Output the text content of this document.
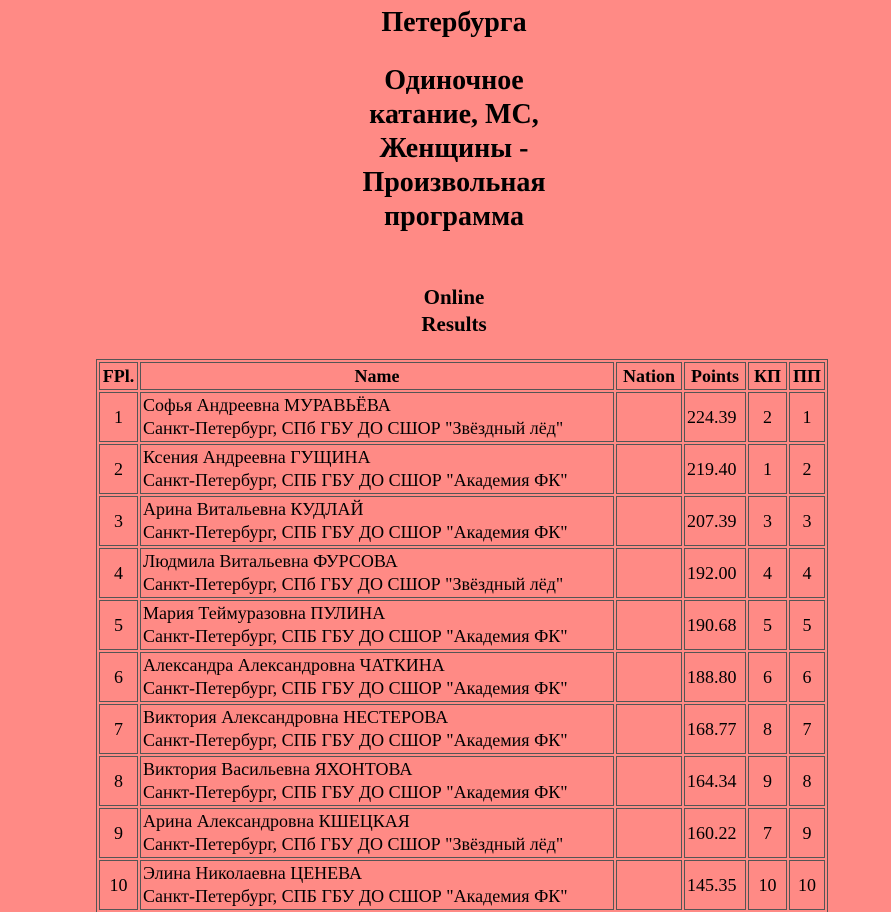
Петербурга
Одиночное
катание, МС,
Женщины -
Произвольная
программа
Online
Results
FPl.	Name	Nation	Points	КП	ПП
1	Софья Андреевна МУРАВЬЁВА
Санкт-Петербург, СПб ГБУ ДО СШОР "Звёздный лёд"		224.39	2	1
2	Ксения Андреевна ГУЩИНА
Санкт-Петербург, СПБ ГБУ ДО СШОР "Академия ФК"		219.40	1	2
3	Арина Витальевна КУДЛАЙ
Санкт-Петербург, СПБ ГБУ ДО СШОР "Академия ФК"		207.39	3	3
4	Людмила Витальевна ФУРСОВА
Санкт-Петербург, СПб ГБУ ДО СШОР "Звёздный лёд"		192.00	4	4
5	Мария Теймуразовна ПУЛИНА
Санкт-Петербург, СПБ ГБУ ДО СШОР "Академия ФК"		190.68	5	5
6	Александра Александровна ЧАТКИНА
Санкт-Петербург, СПБ ГБУ ДО СШОР "Академия ФК"		188.80	6	6
7	Виктория Александровна НЕСТЕРОВА
Санкт-Петербург, СПБ ГБУ ДО СШОР "Академия ФК"		168.77	8	7
8	Виктория Васильевна ЯХОНТОВА
Санкт-Петербург, СПБ ГБУ ДО СШОР "Академия ФК"		164.34	9	8
9	Арина Александровна КШЕЦКАЯ
Санкт-Петербург, СПб ГБУ ДО СШОР "Звёздный лёд"		160.22	7	9
10	Элина Николаевна ЦЕНЕВА
Санкт-Петербург, СПБ ГБУ ДО СШОР "Академия ФК"		145.35	10	10
